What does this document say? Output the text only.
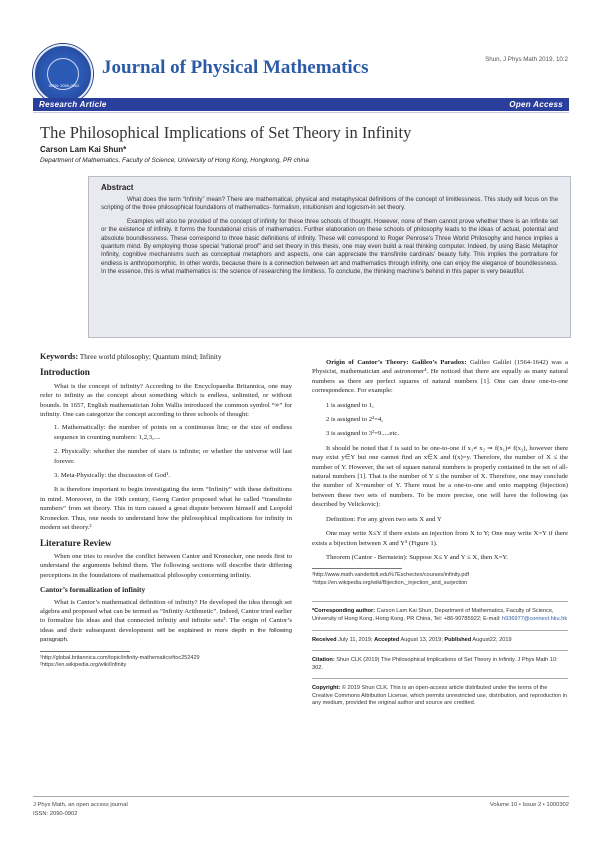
ISSN: 2090-0902
Journal of Physical Mathematics	Shun, J Phys Math 2019, 10:2
Research Article	Open Access
The Philosophical Implications of Set Theory in Infinity
Carson Lam Kai Shun*
Department of Mathematics, Faculty of Science, University of Hong Kong, Hongkong, PR china
Abstract

What does the term “Infinity” mean? There are mathematical, physical and metaphysical definitions of the concept of limitlessness. This study will focus on the scripting of the three philosophical foundations of mathematics- formalism, intuitionism and logicism-in set theory.

Examples will also be provided of the concept of infinity for these three schools of thought. However, none of them cannot prove whether there is an infinite set or the existence of infinity. It forms the foundational crisis of mathematics. Further elaboration on these schools of philosophy leads to the ideas of actual, potential and absolute boundlessness. These correspond to three basic definitions of infinity. These will correspond to Roger Penrose’s Three World Philosophy and hence implies a quantum mind. By employing those special “rational proof” and set theory in this thesis, one may even build a real thinking computer. Indeed, by using Basic Metaphor Infinity, cognitive mechanisms such as conceptual metaphors and aspects, one can appreciate the transfinite cardinals’ beauty fully. This implies the portraiture for endless is anthropomorphic. In other words, because there is a connection between art and mathematics through infinity, one can enjoy the elegance of boundlessness. In the essence, this is what mathematics is: the science of researching the limitless. To conclude, the thinking machine’s behind in this paper is very beautiful.

Keywords: Three world philosophy; Quantum mind; Infinity
Introduction

What is the concept of infinity? According to the Encyclopaedia Britannica, one may refer to infinity as the concept about something which is endless, unlimited, or without bounds. In 1657, English mathematician John Wallis introduced the common symbol “∞” for infinity. One can categorize the concept according to three schools of thought:

1. Mathematically: the number of points on a continuous line; or the size of endless sequence in counting numbers: 1,2,3,....

2. Physically: whether the number of stars is infinite; or whether the universe will last forever.

3. Meta-Physically: the discussion of God¹.

It is therefore important to begin investigating the term “Infinity” with these definitions in mind. Moreover, in the 19th century, Georg Cantor proposed what he called “transfinite numbers” from set theory. This in turn caused a great dispute between himself and Leopold Kronecker. Thus, one needs to understand how the philosophical implications for infinity in modern set theory.²

Literature Review

When one tries to resolve the conflict between Cantor and Kronecker, one needs first to understand the arguments behind them. The following sections will describe their differing perceptions in the foundations of mathematical philosophy concerning infinity.

Cantor’s formalization of infinity

What is Cantor’s mathematical definition of infinity? He developed the idea through set algebra and proposed what can be termed as “Infinity Arithmetic”. Indeed, Cantor tried earlier to formalize his ideas and that connected infinity and infinite sets³. The origin of Cantor’s ideas and their subsequent development will be explained in more depth in the following paragraph.

¹http://global.britannica.com/topic/infinity-mathematics#toc252429
²https://en.wikipedia.org/wiki/Infinity

Origin of Cantor’s Theory: Galileo’s Paradox: Galileo Galilei (1564-1642) was a Physicist, mathematician and astronomer⁴. He noticed that there are equally as many natural numbers as there are perfect squares of natural numbers [1]. One can draw one-to-one correspondence. For example:

1 is assigned to 1,

2 is assigned to 2²=4,

3 is assigned to 3²=9.....etc.

It should be noted that f is said to be one-to-one if x₁≠ x₂ ⇒ f(x₁)≠ f(x₂), however there may exist y∈Y but one cannot find an x∈X and f(x)=y. Therefore, the number of X ≤ the number of Y. However, the set of square natural numbers is properly contained in the set of all-natural numbers [1]. That is the number of Y ≤ the number of X. Therefore, one may conclude the number of X=number of Y. There must be a one-to-one and onto mapping (bijection) between these two sets of numbers. To be more precise, one will have the following (as described by Velickovic):

Definition: For any given two sets X and Y

One may write X≤Y if there exists an injection from X to Y; One may write X=Y if there exists a bijection between X and Y⁵ (Figure 1).

Theorem (Cantor - Bernstein): Suppose X≤ Y and Y ≤ X, then X=Y.

³http://www.math.vanderbilt.edu%7Eschectex/courses/infinity.pdf
⁴https://en.wikipedia.org/wiki/Bijection,_injection_and_surjection
*Corresponding author: Carson Lam Kai Shun, Department of Mathematics, Faculty of Science, University of Hong Kong, Hong Kong, PR China, Tel: +86-90785922; E-mail: h936977@connect.hku.hk
Received July 11, 2019; Accepted August 13, 2019; Published August22, 2019
Citation: Shun CLK (2019) The Philosophical Implications of Set Theory in Infinity. J Phys Math 10: 302.
Copyright: © 2019 Shun CLK. This is an open-access article distributed under the terms of the Creative Commons Attribution License, which permits unrestricted use, distribution, and reproduction in any medium, provided the original author and source are credited.
J Phys Math, an open access journal
ISSN: 2090-0902
Volume 10 • Issue 2 • 1000302
